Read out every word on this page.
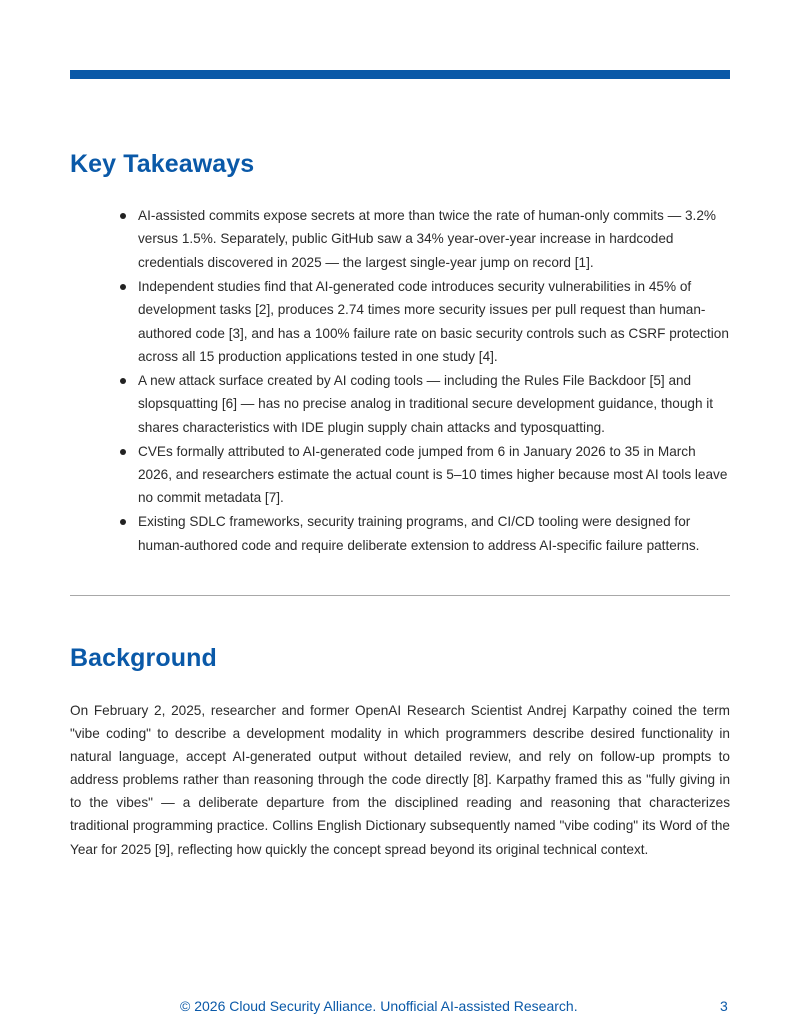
Key Takeaways
AI-assisted commits expose secrets at more than twice the rate of human-only commits — 3.2% versus 1.5%. Separately, public GitHub saw a 34% year-over-year increase in hardcoded credentials discovered in 2025 — the largest single-year jump on record [1].
Independent studies find that AI-generated code introduces security vulnerabilities in 45% of development tasks [2], produces 2.74 times more security issues per pull request than human-authored code [3], and has a 100% failure rate on basic security controls such as CSRF protection across all 15 production applications tested in one study [4].
A new attack surface created by AI coding tools — including the Rules File Backdoor [5] and slopsquatting [6] — has no precise analog in traditional secure development guidance, though it shares characteristics with IDE plugin supply chain attacks and typosquatting.
CVEs formally attributed to AI-generated code jumped from 6 in January 2026 to 35 in March 2026, and researchers estimate the actual count is 5–10 times higher because most AI tools leave no commit metadata [7].
Existing SDLC frameworks, security training programs, and CI/CD tooling were designed for human-authored code and require deliberate extension to address AI-specific failure patterns.
Background

On February 2, 2025, researcher and former OpenAI Research Scientist Andrej Karpathy coined the term "vibe coding" to describe a development modality in which programmers describe desired functionality in natural language, accept AI-generated output without detailed review, and rely on follow-up prompts to address problems rather than reasoning through the code directly [8]. Karpathy framed this as "fully giving in to the vibes" — a deliberate departure from the disciplined reading and reasoning that characterizes traditional programming practice. Collins English Dictionary subsequently named "vibe coding" its Word of the Year for 2025 [9], reflecting how quickly the concept spread beyond its original technical context.

© 2026 Cloud Security Alliance. Unofficial AI-assisted Research.	3
